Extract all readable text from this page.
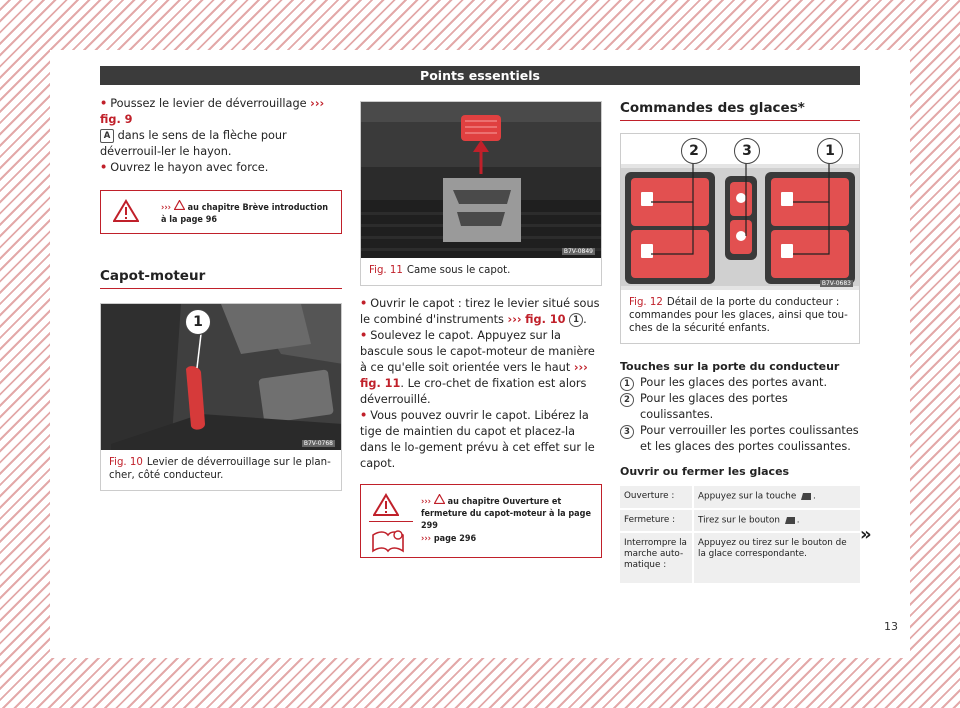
Points essentiels

• Poussez le levier de déverrouillage ››› fig. 9
A dans le sens de la flèche pour déverrouil-ler le hayon.

• Ouvrez le hayon avec force.

››› au chapitre Brève introduction à la page 96
Capot-moteur
1
B7V-0768
Fig. 10 Levier de déverrouillage sur le plan-cher, côté conducteur.
B7V-0849
Fig. 11 Came sous le capot.

• Ouvrir le capot : tirez le levier situé sous le combiné d'instruments ››› fig. 10 1 .

• Soulevez le capot. Appuyez sur la bascule sous le capot-moteur de manière à ce qu'elle soit orientée vers le haut ››› fig. 11. Le cro-chet de fixation est alors déverrouillé.

• Vous pouvez ouvrir le capot. Libérez la tige de maintien du capot et placez-la dans le lo-gement prévu à cet effet sur le capot.

››› au chapitre Ouverture et fermeture du capot-moteur à la page 299
››› page 296
Commandes des glaces*
2	3	1
B7V-0683
Fig. 12 Détail de la porte du conducteur : commandes pour les glaces, ainsi que tou-ches de la sécurité enfants.
Touches sur la porte du conducteur
1 Pour les glaces des portes avant.
2 Pour les glaces des portes coulissantes.
3 Pour verrouiller les portes coulissantes et les glaces des portes coulissantes.
Ouvrir ou fermer les glaces
Ouverture :	Appuyez sur la touche .
Fermeture :	Tirez sur le bouton .
Interrompre la marche auto-matique :	Appuyez ou tirez sur le bouton de la glace correspondante.
»
13
